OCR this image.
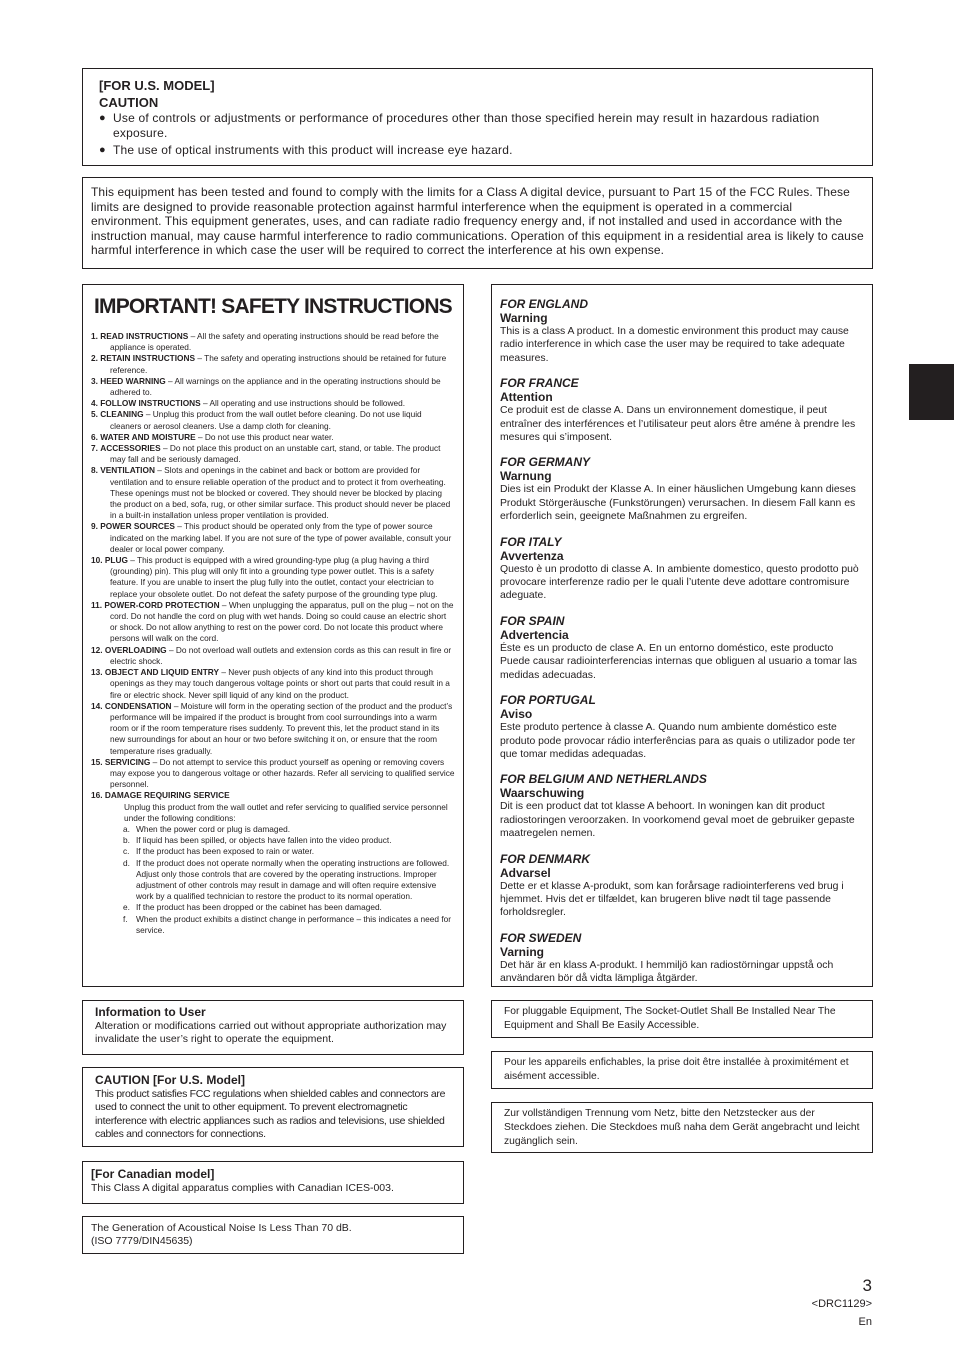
[FOR U.S. MODEL]
CAUTION
● Use of controls or adjustments or performance of procedures other than those specified herein may result in hazardous radiation exposure.
● The use of optical instruments with this product will increase eye hazard.
This equipment has been tested and found to comply with the limits for a Class A digital device, pursuant to Part 15 of the FCC Rules. These limits are designed to provide reasonable protection against harmful interference when the equipment is operated in a commercial environment. This equipment generates, uses, and can radiate radio frequency energy and, if not installed and used in accordance with the instruction manual, may cause harmful interference to radio communications. Operation of this equipment in a residential area is likely to cause harmful interference in which case the user will be required to correct the interference at his own expense.
IMPORTANT! SAFETY INSTRUCTIONS
1. READ INSTRUCTIONS – All the safety and operating instructions should be read before the appliance is operated.
2. RETAIN INSTRUCTIONS – The safety and operating instructions should be retained for future reference.
3. HEED WARNING – All warnings on the appliance and in the operating instructions should be adhered to.
4. FOLLOW INSTRUCTIONS – All operating and use instructions should be followed.
5. CLEANING – Unplug this product from the wall outlet before cleaning. Do not use liquid cleaners or aerosol cleaners. Use a damp cloth for cleaning.
6. WATER AND MOISTURE – Do not use this product near water.
7. ACCESSORIES – Do not place this product on an unstable cart, stand, or table. The product may fall and be seriously damaged.
8. VENTILATION – Slots and openings in the cabinet and back or bottom are provided for ventilation and to ensure reliable operation of the product and to protect it from overheating. These openings must not be blocked or covered. They should never be blocked by placing the product on a bed, sofa, rug, or other similar surface. This product should never be placed in a built-in installation unless proper ventilation is provided.
9. POWER SOURCES – This product should be operated only from the type of power source indicated on the marking label. If you are not sure of the type of power available, consult your dealer or local power company.
10. PLUG – This product is equipped with a wired grounding-type plug (a plug having a third (grounding) pin). This plug will only fit into a grounding type power outlet. This is a safety feature. If you are unable to insert the plug fully into the outlet, contact your electrician to replace your obsolete outlet. Do not defeat the safety purpose of the grounding type plug.
11. POWER-CORD PROTECTION – When unplugging the apparatus, pull on the plug – not on the cord. Do not handle the cord on plug with wet hands. Doing so could cause an electric short or shock. Do not allow anything to rest on the power cord. Do not locate this product where persons will walk on the cord.
12. OVERLOADING – Do not overload wall outlets and extension cords as this can result in fire or electric shock.
13. OBJECT AND LIQUID ENTRY – Never push objects of any kind into this product through openings as they may touch dangerous voltage points or short out parts that could result in a fire or electric shock. Never spill liquid of any kind on the product.
14. CONDENSATION – Moisture will form in the operating section of the product and the product’s performance will be impaired if the product is brought from cool surroundings into a warm room or if the room temperature rises suddenly. To prevent this, let the product stand in its new surroundings for about an hour or two before switching it on, or ensure that the room temperature rises gradually.
15. SERVICING – Do not attempt to service this product yourself as opening or removing covers may expose you to dangerous voltage or other hazards. Refer all servicing to qualified service personnel.
16. DAMAGE REQUIRING SERVICE
Unplug this product from the wall outlet and refer servicing to qualified service personnel under the following conditions:
a. When the power cord or plug is damaged.
b. If liquid has been spilled, or objects have fallen into the video product.
c. If the product has been exposed to rain or water.
d. If the product does not operate normally when the operating instructions are followed. Adjust only those controls that are covered by the operating instructions. Improper adjustment of other controls may result in damage and will often require extensive work by a qualified technician to restore the product to its normal operation.
e. If the product has been dropped or the cabinet has been damaged.
f. When the product exhibits a distinct change in performance – this indicates a need for service.
FOR ENGLAND
Warning
This is a class A product. In a domestic environment this product may cause radio interference in which case the user may be required to take adequate measures.
FOR FRANCE
Attention
Ce produit est de classe A. Dans un environnement domestique, il peut entraîner des interférences et l’utilisateur peut alors être améne à prendre les mesures qui s’imposent.
FOR GERMANY
Warnung
Dies ist ein Produkt der Klasse A. In einer häuslichen Umgebung kann dieses Produkt Störgeräusche (Funkstörungen) verursachen. In diesem Fall kann es erforderlich sein, geeignete Maßnahmen zu ergreifen.
FOR ITALY
Avvertenza
Questo è un prodotto di classe A. In ambiente domestico, questo prodotto può provocare interferenze radio per le quali l’utente deve adottare contromisure adeguate.
FOR SPAIN
Advertencia
Éste es un producto de clase A. En un entorno doméstico, este producto Puede causar radiointerferencias internas que obliguen al usuario a tomar las medidas adecuadas.
FOR PORTUGAL
Aviso
Este produto pertence à classe A. Quando num ambiente doméstico este produto pode provocar rádio interferências para as quais o utilizador pode ter que tomar medidas adequadas.
FOR BELGIUM AND NETHERLANDS
Waarschuwing
Dit is een product dat tot klasse A behoort. In woningen kan dit product radiostoringen veroorzaken. In voorkomend geval moet de gebruiker gepaste maatregelen nemen.
FOR DENMARK
Advarsel
Dette er et klasse A-produkt, som kan forårsage radiointerferens ved brug i hjemmet. Hvis det er tilfældet, kan brugeren blive nødt til tage passende forholdsregler.
FOR SWEDEN
Varning
Det här är en klass A-produkt. I hemmiljö kan radiostörningar uppstå och användaren bör då vidta lämpliga åtgärder.
Information to User
Alteration or modifications carried out without appropriate authorization may invalidate the user’s right to operate the equipment.
CAUTION [For U.S. Model]
This product satisfies FCC regulations when shielded cables and connectors are used to connect the unit to other equipment. To prevent electromagnetic interference with electric appliances such as radios and televisions, use shielded cables and connectors for connections.
[For Canadian model]
This Class A digital apparatus complies with Canadian ICES-003.
The Generation of Acoustical Noise Is Less Than 70 dB.
(ISO 7779/DIN45635)
For pluggable Equipment, The Socket-Outlet Shall Be Installed Near The Equipment and Shall Be Easily Accessible.
Pour les appareils enfichables, la prise doit être installée à proximitément et aisément accessible.
Zur vollständigen Trennung vom Netz, bitte den Netzstecker aus der Steckdoes ziehen. Die Steckdoes muß naha dem Gerät angebracht und leicht zugänglich sein.
3
<DRC1129>
En
